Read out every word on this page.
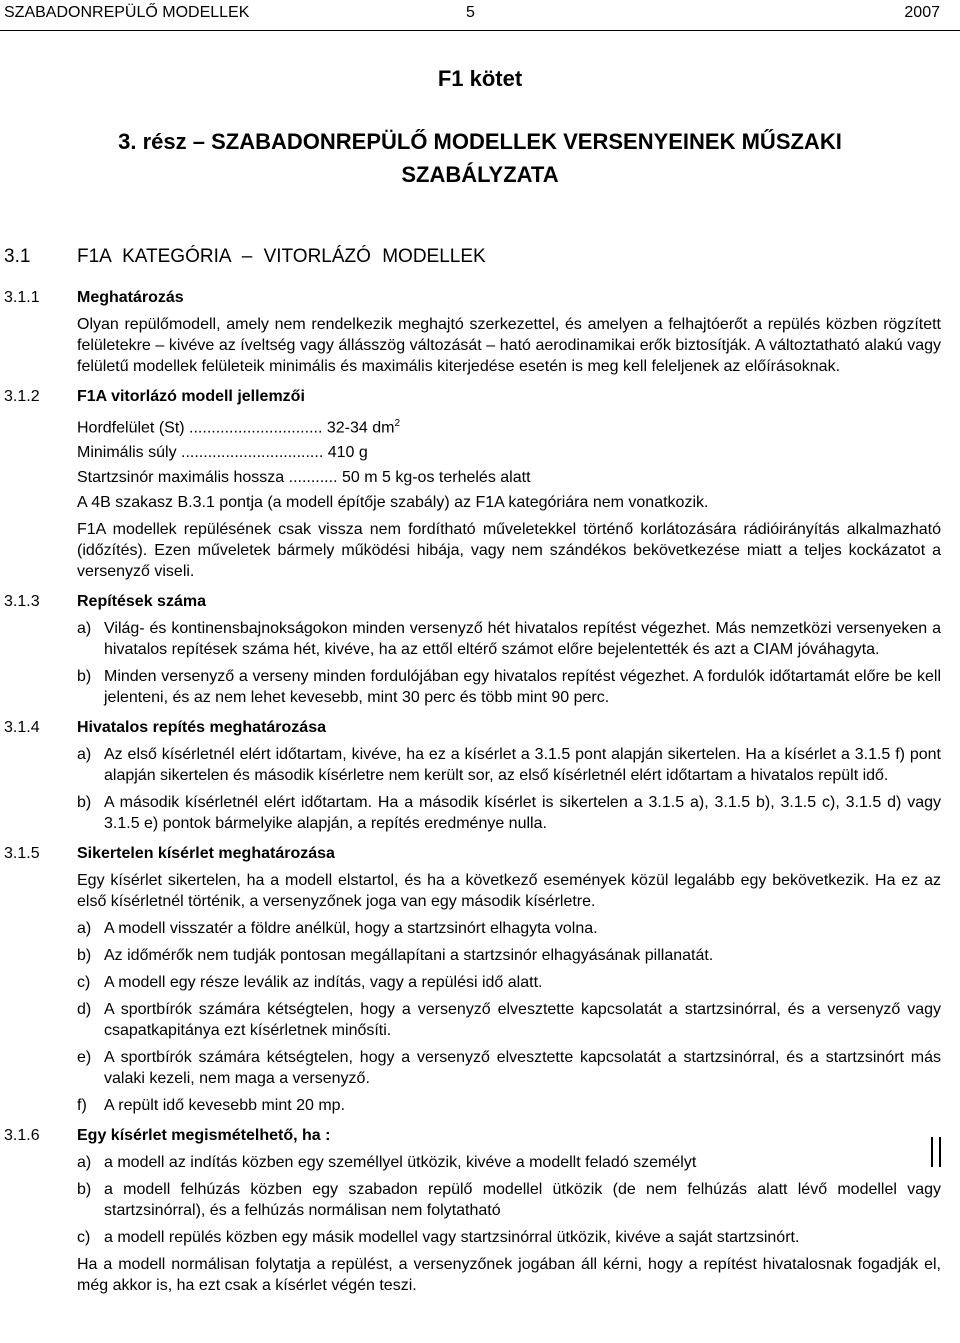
SZABADONREPÜLŐ MODELLEK	5	2007
F1 kötet
3. rész – SZABADONREPÜLŐ MODELLEK VERSENYEINEK MŰSZAKI SZABÁLYZATA
3.1 F1A KATEGÓRIA – VITORLÁZÓ MODELLEK
3.1.1 Meghatározás

Olyan repülőmodell, amely nem rendelkezik meghajtó szerkezettel, és amelyen a felhajtóerőt a repülés közben rögzített felületekre – kivéve az íveltség vagy állásszög változását – ható aerodinamikai erők biztosítják. A változtatható alakú vagy felületű modellek felületeik minimális és maximális kiterjedése esetén is meg kell feleljenek az előírásoknak.

3.1.2 F1A vitorlázó modell jellemzői
Hordfelület (St) .............................. 32-34 $dm^2$
Minimális súly ................................ 410 g
Startzsinór maximális hossza ........... 50 m 5 kg-os terhelés alatt

A 4B szakasz B.3.1 pontja (a modell építője szabály) az F1A kategóriára nem vonatkozik.

F1A modellek repülésének csak vissza nem fordítható műveletekkel történő korlátozására rádióirányítás alkalmazható (időzítés). Ezen műveletek bármely működési hibája, vagy nem szándékos bekövetkezése miatt a teljes kockázatot a versenyző viseli.

3.1.3 Repítések száma
a) Világ- és kontinensbajnokságokon minden versenyző hét hivatalos repítést végezhet. Más nemzetközi versenyeken a hivatalos repítések száma hét, kivéve, ha az ettől eltérő számot előre bejelentették és azt a CIAM jóváhagyta.
b) Minden versenyző a verseny minden fordulójában egy hivatalos repítést végezhet. A fordulók időtartamát előre be kell jelenteni, és az nem lehet kevesebb, mint 30 perc és több mint 90 perc.
3.1.4 Hivatalos repítés meghatározása
a) Az első kísérletnél elért időtartam, kivéve, ha ez a kísérlet a 3.1.5 pont alapján sikertelen. Ha a kísérlet a 3.1.5 f) pont alapján sikertelen és második kísérletre nem került sor, az első kísérletnél elért időtartam a hivatalos repült idő.
b) A második kísérletnél elért időtartam. Ha a második kísérlet is sikertelen a 3.1.5 a), 3.1.5 b), 3.1.5 c), 3.1.5 d) vagy 3.1.5 e) pontok bármelyike alapján, a repítés eredménye nulla.
3.1.5 Sikertelen kísérlet meghatározása

Egy kísérlet sikertelen, ha a modell elstartol, és ha a következő események közül legalább egy bekövetkezik. Ha ez az első kísérletnél történik, a versenyzőnek joga van egy második kísérletre.

a) A modell visszatér a földre anélkül, hogy a startzsinórt elhagyta volna.
b) Az időmérők nem tudják pontosan megállapítani a startzsinór elhagyásának pillanatát.
c) A modell egy része leválik az indítás, vagy a repülési idő alatt.
d) A sportbírók számára kétségtelen, hogy a versenyző elvesztette kapcsolatát a startzsinórral, és a versenyző vagy csapatkapitánya ezt kísérletnek minősíti.
e) A sportbírók számára kétségtelen, hogy a versenyző elvesztette kapcsolatát a startzsinórral, és a startzsinórt más valaki kezeli, nem maga a versenyző.
f) A repült idő kevesebb mint 20 mp.
3.1.6 Egy kísérlet megismételhető, ha :
a) a modell az indítás közben egy személlyel ütközik, kivéve a modellt feladó személyt
b) a modell felhúzás közben egy szabadon repülő modellel ütközik (de nem felhúzás alatt lévő modellel vagy startzsinórral), és a felhúzás normálisan nem folytatható
c) a modell repülés közben egy másik modellel vagy startzsinórral ütközik, kivéve a saját startzsinórt.

Ha a modell normálisan folytatja a repülést, a versenyzőnek jogában áll kérni, hogy a repítést hivatalosnak fogadják el, még akkor is, ha ezt csak a kísérlet végén teszi.
